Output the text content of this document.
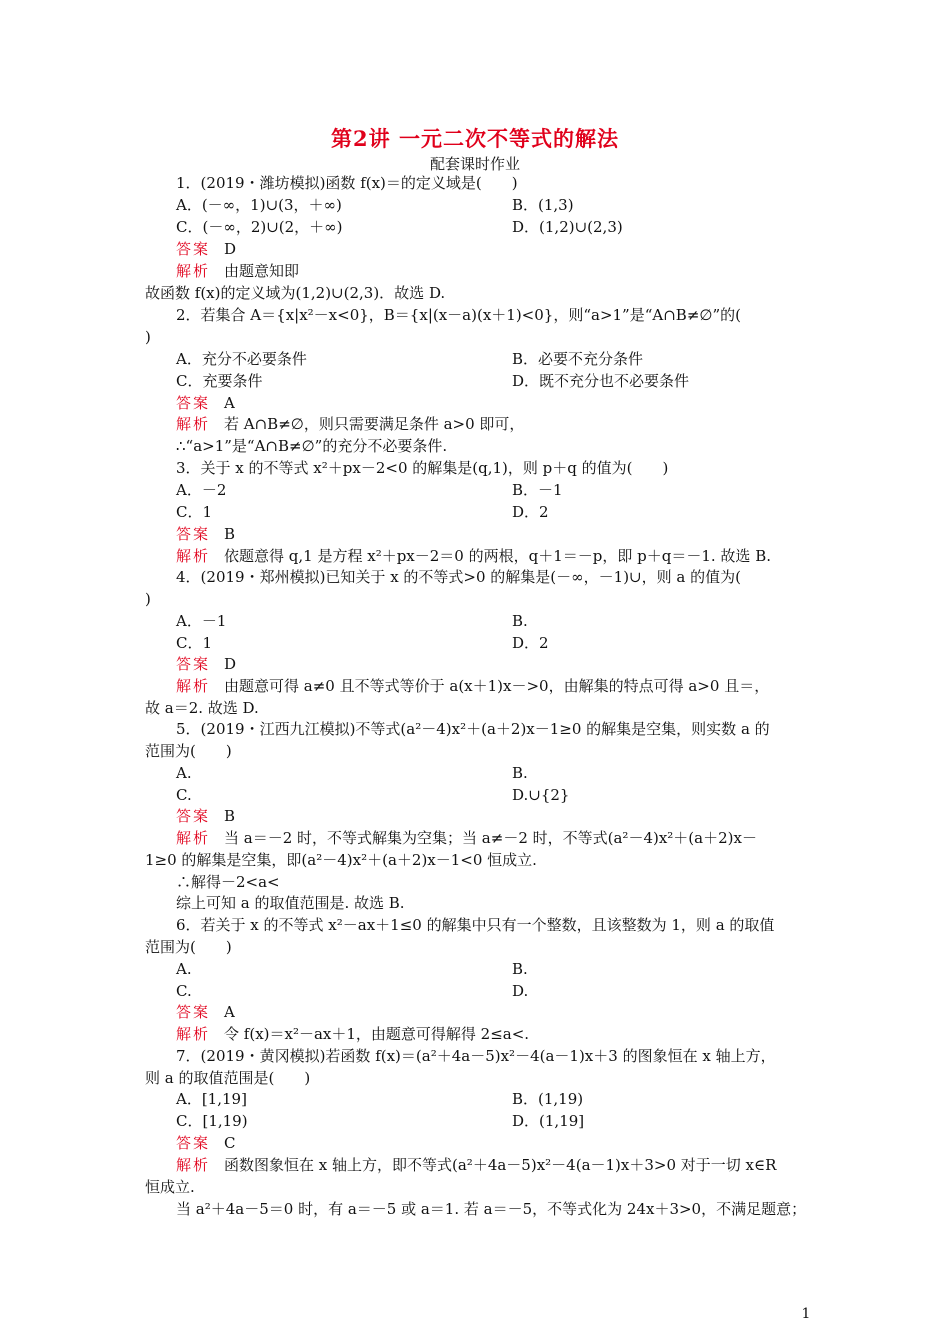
第2讲 一元二次不等式的解法
配套课时作业
1．(2019・潍坊模拟)函数 f(x)＝的定义域是(　　)
A．(－∞，1)∪(3，＋∞)	B．(1,3)
C．(－∞，2)∪(2，＋∞)	D．(1,2)∪(2,3)
答案 D
解析 由题意知即
故函数 f(x)的定义域为(1,2)∪(2,3)．故选 D.
2．若集合 A＝{x|x²－x<0}，B＝{x|(x－a)(x＋1)<0}，则“a>1”是“A∩B≠∅”的(
)
A．充分不必要条件	B．必要不充分条件
C．充要条件	D．既不充分也不必要条件
答案 A
解析 若 A∩B≠∅，则只需要满足条件 a>0 即可，
∴“a>1”是“A∩B≠∅”的充分不必要条件.
3．关于 x 的不等式 x²＋px－2<0 的解集是(q,1)，则 p＋q 的值为(　　)
A．－2	B．－1
C．1	D．2
答案 B
解析 依题意得 q,1 是方程 x²＋px－2＝0 的两根，q＋1＝－p，即 p＋q＝－1. 故选 B.
4．(2019・郑州模拟)已知关于 x 的不等式>0 的解集是(－∞，－1)∪，则 a 的值为(
)
A．－1	B.
C．1	D．2
答案 D
解析 由题意可得 a≠0 且不等式等价于 a(x＋1)x－>0，由解集的特点可得 a>0 且＝，
故 a＝2. 故选 D.
5．(2019・江西九江模拟)不等式(a²－4)x²＋(a＋2)x－1≥0 的解集是空集，则实数 a 的
范围为(　　)
A.	B.
C.	D.∪{2}
答案 B
解析 当 a＝－2 时，不等式解集为空集；当 a≠－2 时，不等式(a²－4)x²＋(a＋2)x－
1≥0 的解集是空集，即(a²－4)x²＋(a＋2)x－1<0 恒成立.
∴解得－2<a<
综上可知 a 的取值范围是. 故选 B.
6．若关于 x 的不等式 x²－ax＋1≤0 的解集中只有一个整数，且该整数为 1，则 a 的取值
范围为(　　)
A.	B.
C.	D.
答案 A
解析 令 f(x)＝x²－ax＋1，由题意可得解得 2≤a<.
7．(2019・黄冈模拟)若函数 f(x)＝(a²＋4a－5)x²－4(a－1)x＋3 的图象恒在 x 轴上方，
则 a 的取值范围是(　　)
A．[1,19]	B．(1,19)
C．[1,19)	D．(1,19]
答案 C
解析 函数图象恒在 x 轴上方，即不等式(a²＋4a－5)x²－4(a－1)x＋3>0 对于一切 x∈R
恒成立.
当 a²＋4a－5＝0 时，有 a＝－5 或 a＝1. 若 a＝－5，不等式化为 24x＋3>0，不满足题意；
1
